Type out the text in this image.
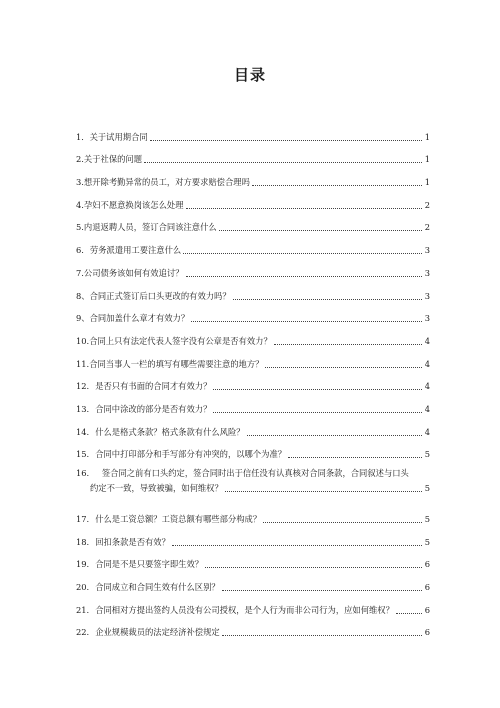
目录
1． 关于试用期合同	1
2. 关于社保的问题	1
3. 想开除考勤异常的员工，对方要求赔偿合理吗	1
4. 孕妇不愿意换岗该怎么处理	2
5. 内退返聘人员，签订合同该注意什么	2
6. 劳务派遣用工要注意什么	3
7. 公司债务该如何有效追讨？	3
8、 合同正式签订后口头更改的有效力吗？	3
9、 合同加盖什么章才有效力？	3
10. 合同上只有法定代表人签字没有公章是否有效力？	4
11. 合同当事人一栏的填写有哪些需要注意的地方？	4
12. 是否只有书面的合同才有效力？	4
13. 合同中涂改的部分是否有效力？	4
14. 什么是格式条款？格式条款有什么风险？	4
15. 合同中打印部分和手写部分有冲突的，以哪个为准？	5
16. 签合同之前有口头约定，签合同时出于信任没有认真核对合同条款，合同叙述与口头
约定不一致，导致被骗，如何维权？	5
17. 什么是工资总额？工资总额有哪些部分构成？	5
18. 回扣条款是否有效？	5
19. 合同是不是只要签字即生效？	6
20. 合同成立和合同生效有什么区别？	6
21. 合同相对方提出签约人员没有公司授权，是个人行为而非公司行为，应如何维权？	6
22. 企业规模裁员的法定经济补偿规定	6
